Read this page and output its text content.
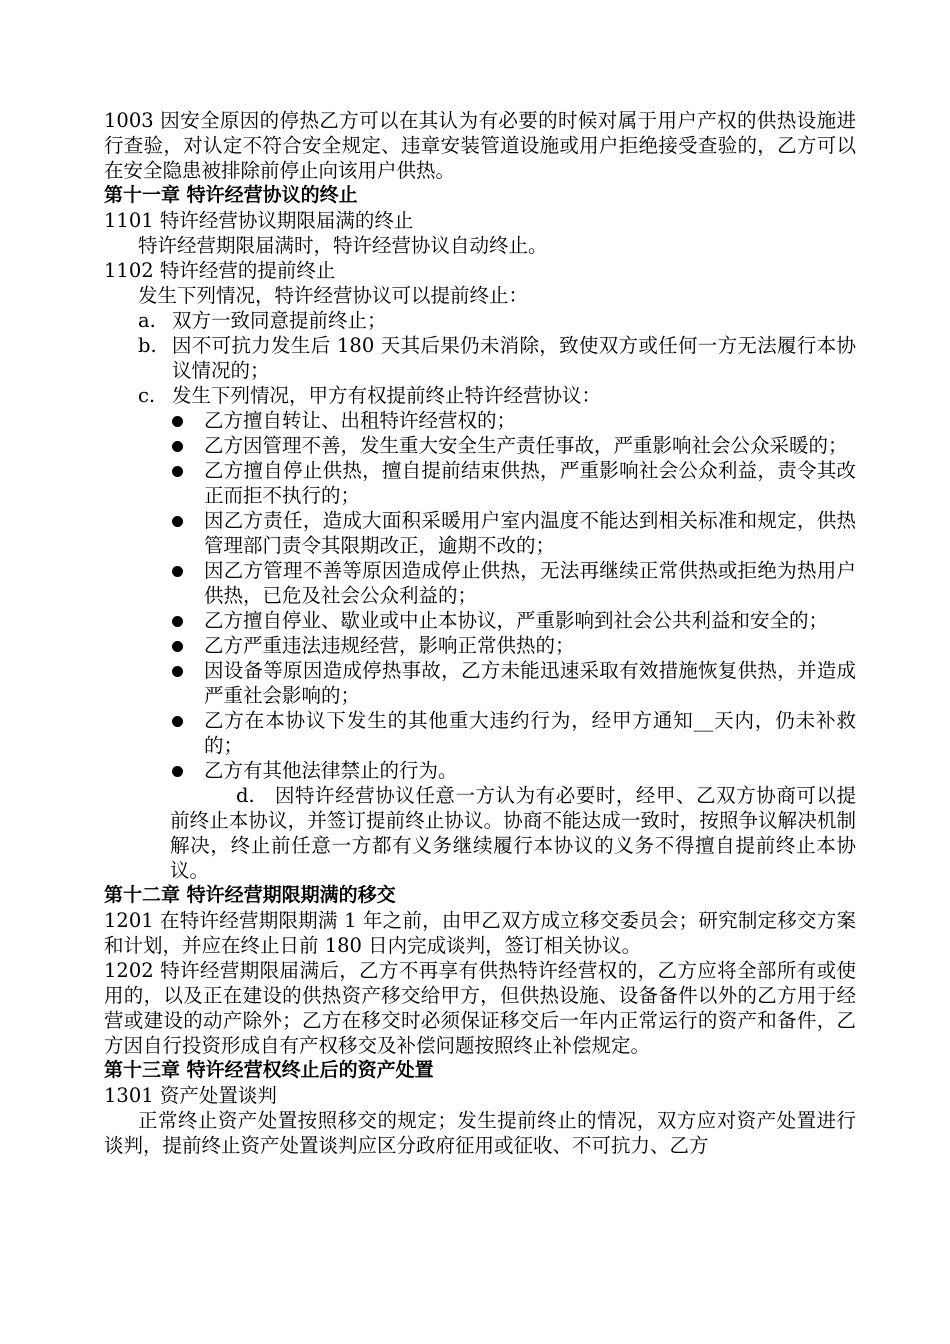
1003 因安全原因的停热乙方可以在其认为有必要的时候对属于用户产权的供热设施进行查验，对认定不符合安全规定、违章安装管道设施或用户拒绝接受查验的，乙方可以在安全隐患被排除前停止向该用户供热。

第十一章 特许经营协议的终止

1101 特许经营协议期限届满的终止

特许经营期限届满时，特许经营协议自动终止。

1102 特许经营的提前终止

发生下列情况，特许经营协议可以提前终止：

a. 双方一致同意提前终止；
b. 因不可抗力发生后 180 天其后果仍未消除，致使双方或任何一方无法履行本协议情况的；
c. 发生下列情况，甲方有权提前终止特许经营协议：
乙方擅自转让、出租特许经营权的；
乙方因管理不善，发生重大安全生产责任事故，严重影响社会公众采暖的；
乙方擅自停止供热，擅自提前结束供热，严重影响社会公众利益，责令其改正而拒不执行的；
因乙方责任，造成大面积采暖用户室内温度不能达到相关标准和规定，供热管理部门责令其限期改正，逾期不改的；
因乙方管理不善等原因造成停止供热，无法再继续正常供热或拒绝为热用户供热，已危及社会公众利益的；
乙方擅自停业、歇业或中止本协议，严重影响到社会公共利益和安全的；
乙方严重违法违规经营，影响正常供热的；
因设备等原因造成停热事故，乙方未能迅速采取有效措施恢复供热，并造成严重社会影响的；
乙方在本协议下发生的其他重大违约行为，经甲方通知__天内，仍未补救的；
乙方有其他法律禁止的行为。

d. 因特许经营协议任意一方认为有必要时，经甲、乙双方协商可以提前终止本协议，并签订提前终止协议。协商不能达成一致时，按照争议解决机制解决，终止前任意一方都有义务继续履行本协议的义务不得擅自提前终止本协议。

第十二章 特许经营期限期满的移交

1201 在特许经营期限期满 1 年之前，由甲乙双方成立移交委员会；研究制定移交方案和计划，并应在终止日前 180 日内完成谈判，签订相关协议。

1202 特许经营期限届满后，乙方不再享有供热特许经营权的，乙方应将全部所有或使用的，以及正在建设的供热资产移交给甲方，但供热设施、设备备件以外的乙方用于经营或建设的动产除外；乙方在移交时必须保证移交后一年内正常运行的资产和备件，乙方因自行投资形成自有产权移交及补偿问题按照终止补偿规定。

第十三章 特许经营权终止后的资产处置

1301 资产处置谈判

正常终止资产处置按照移交的规定；发生提前终止的情况，双方应对资产处置进行谈判，提前终止资产处置谈判应区分政府征用或征收、不可抗力、乙方
